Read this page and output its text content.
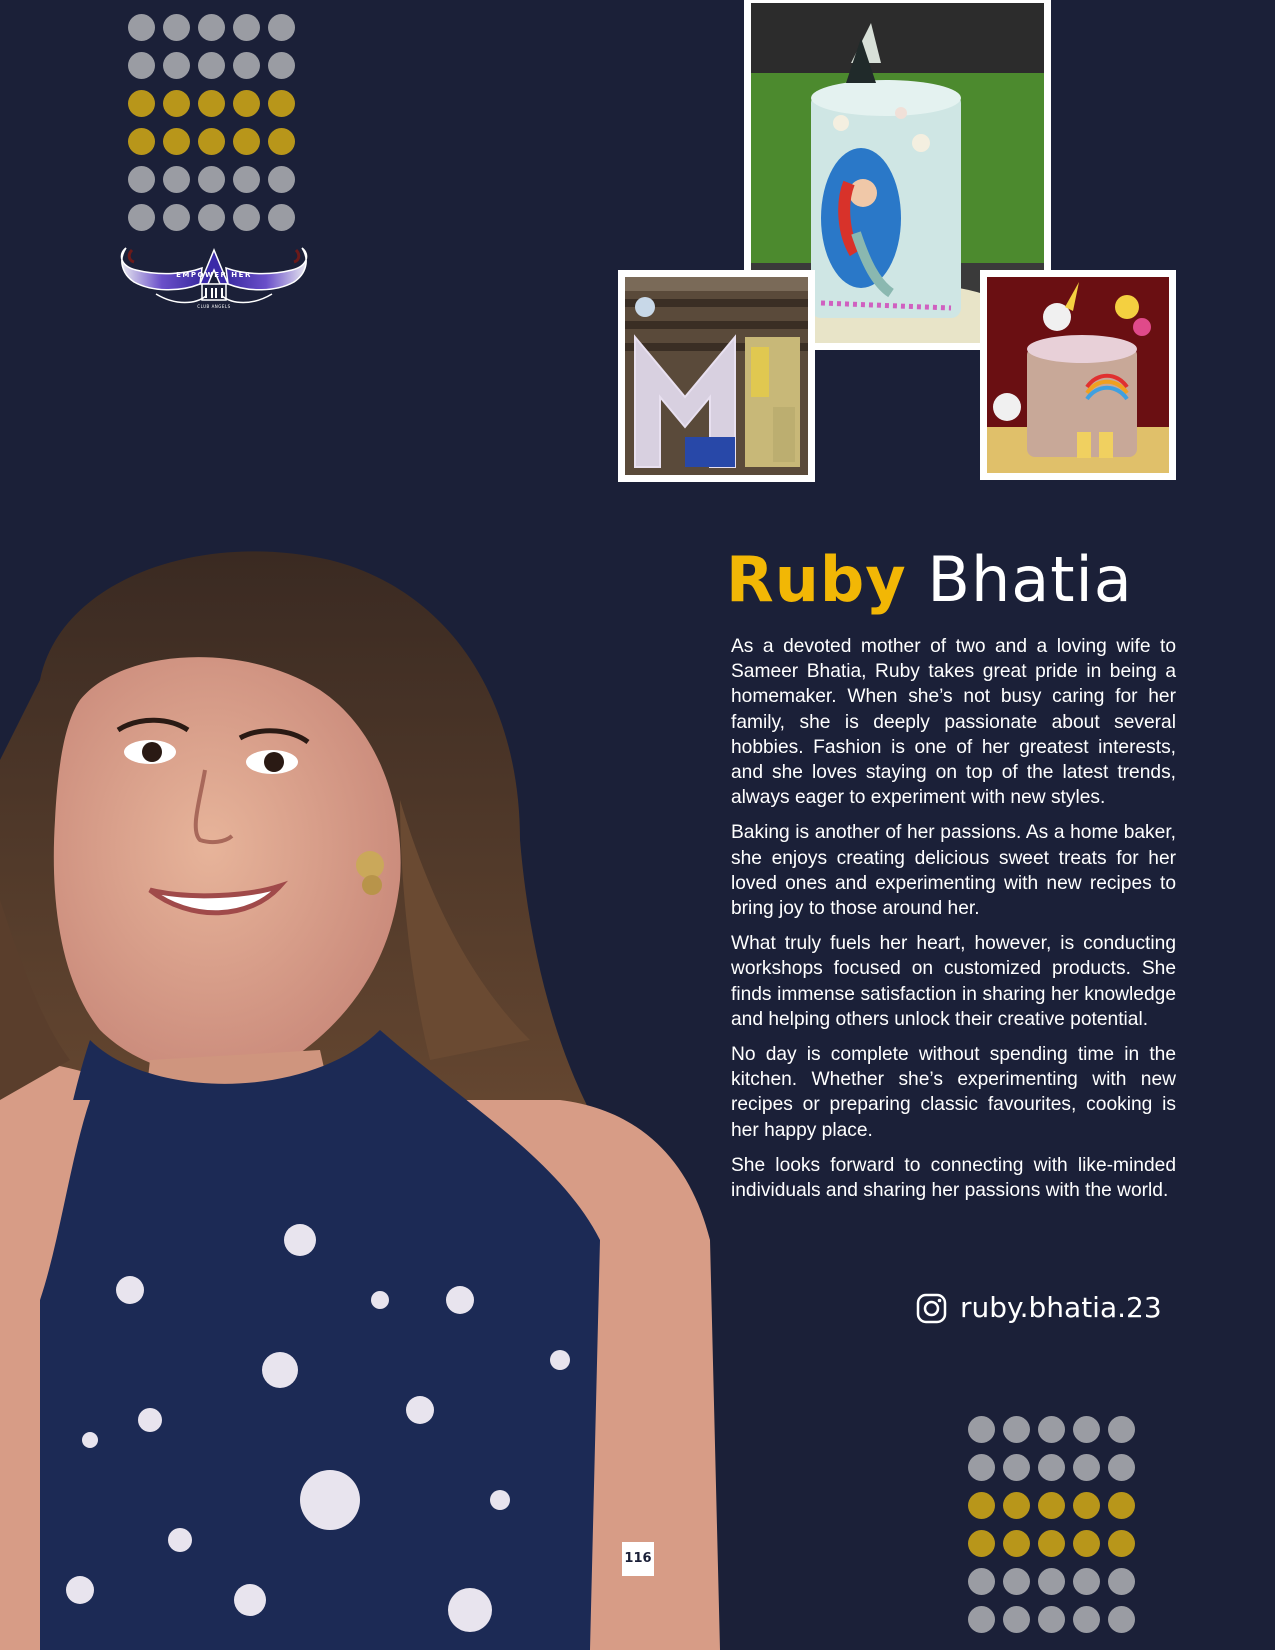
EMPOWER HER
CLUB ANGELS
Ruby Bhatia

As a devoted mother of two and a loving wife to Sameer Bhatia, Ruby takes great pride in being a homemaker. When she’s not busy caring for her family, she is deeply passionate about several hobbies. Fashion is one of her greatest interests, and she loves staying on top of the latest trends, always eager to experiment with new styles.

Baking is another of her passions. As a home baker, she enjoys creating delicious sweet treats for her loved ones and experimenting with new recipes to bring joy to those around her.

What truly fuels her heart, however, is conducting workshops focused on customized products. She finds immense satisfaction in sharing her knowledge and helping others unlock their creative potential.

No day is complete without spending time in the kitchen. Whether she’s experimenting with new recipes or preparing classic favourites, cooking is her happy place.

She looks forward to connecting with like-minded individuals and sharing her passions with the world.

ruby.bhatia.23
116
